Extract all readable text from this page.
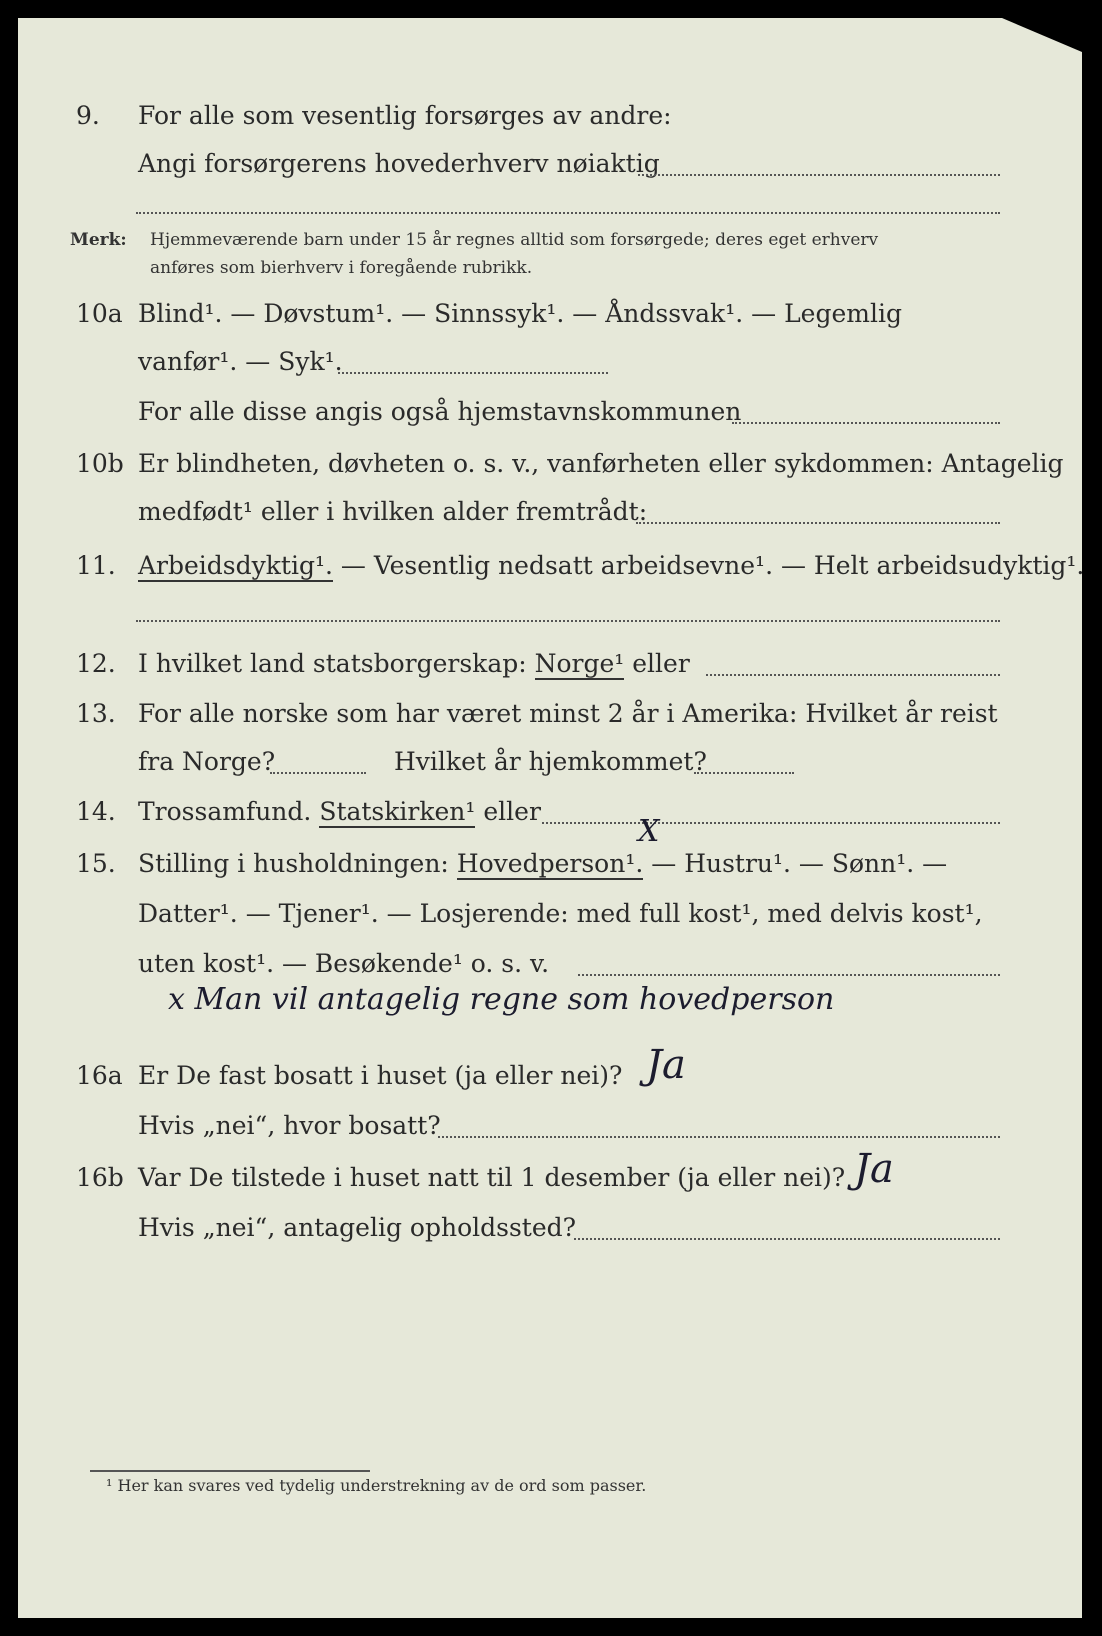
9. For alle som vesentlig forsørges av andre:
Angi forsørgerens hovederhverv nøiaktig
Merk: Hjemmeværende barn under 15 år regnes alltid som forsørgede; deres eget erhverv
anføres som bierhverv i foregående rubrikk.
10a Blind¹. — Døvstum¹. — Sinnssyk¹. — Åndssvak¹. — Legemlig
vanfør¹. — Syk¹.
For alle disse angis også hjemstavnskommunen
10b Er blindheten, døvheten o. s. v., vanførheten eller sykdommen: Antagelig
medfødt¹ eller i hvilken alder fremtrådt:
11. Arbeidsdyktig¹. — Vesentlig nedsatt arbeidsevne¹. — Helt arbeidsudyktig¹.
12. I hvilket land statsborgerskap: Norge¹ eller
13. For alle norske som har været minst 2 år i Amerika: Hvilket år reist
fra Norge?	Hvilket år hjemkommet?
14. Trossamfund. Statskirken¹ eller
X
15. Stilling i husholdningen: Hovedperson¹. — Hustru¹. — Sønn¹. —
Datter¹. — Tjener¹. — Losjerende: med full kost¹, med delvis kost¹,
uten kost¹. — Besøkende¹ o. s. v.
x Man vil antagelig regne som hovedperson
16a Er De fast bosatt i huset (ja eller nei)? Ja
Hvis „nei“, hvor bosatt?
16b Var De tilstede i huset natt til 1 desember (ja eller nei)? Ja
Hvis „nei“, antagelig opholdssted?
¹ Her kan svares ved tydelig understrekning av de ord som passer.
